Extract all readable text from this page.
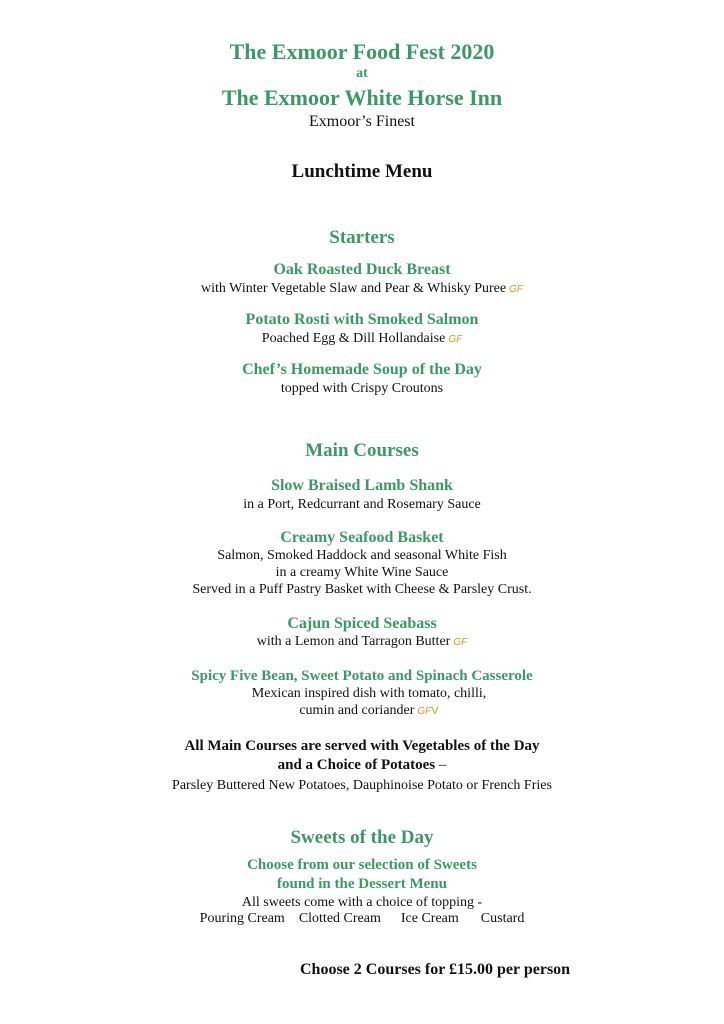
The Exmoor Food Fest 2020
at
The Exmoor White Horse Inn
Exmoor’s Finest
Lunchtime Menu
Starters
Oak Roasted Duck Breast
with Winter Vegetable Slaw and Pear & Whisky Puree GF
Potato Rosti with Smoked Salmon
Poached Egg & Dill Hollandaise GF
Chef’s Homemade Soup of the Day
topped with Crispy Croutons
Main Courses
Slow Braised Lamb Shank
in a Port, Redcurrant and Rosemary Sauce
Creamy Seafood Basket
Salmon, Smoked Haddock and seasonal White Fish
in a creamy White Wine Sauce
Served in a Puff Pastry Basket with Cheese & Parsley Crust.
Cajun Spiced Seabass
with a Lemon and Tarragon Butter GF
Spicy Five Bean, Sweet Potato and Spinach Casserole
Mexican inspired dish with tomato, chilli,
cumin and coriander GFV
All Main Courses are served with Vegetables of the Day
and a Choice of Potatoes –
Parsley Buttered New Potatoes, Dauphinoise Potato or French Fries
Sweets of the Day
Choose from our selection of Sweets
found in the Dessert Menu
All sweets come with a choice of topping -
Pouring Cream Clotted Cream Ice Cream Custard
Choose 2 Courses for £15.00 per person
